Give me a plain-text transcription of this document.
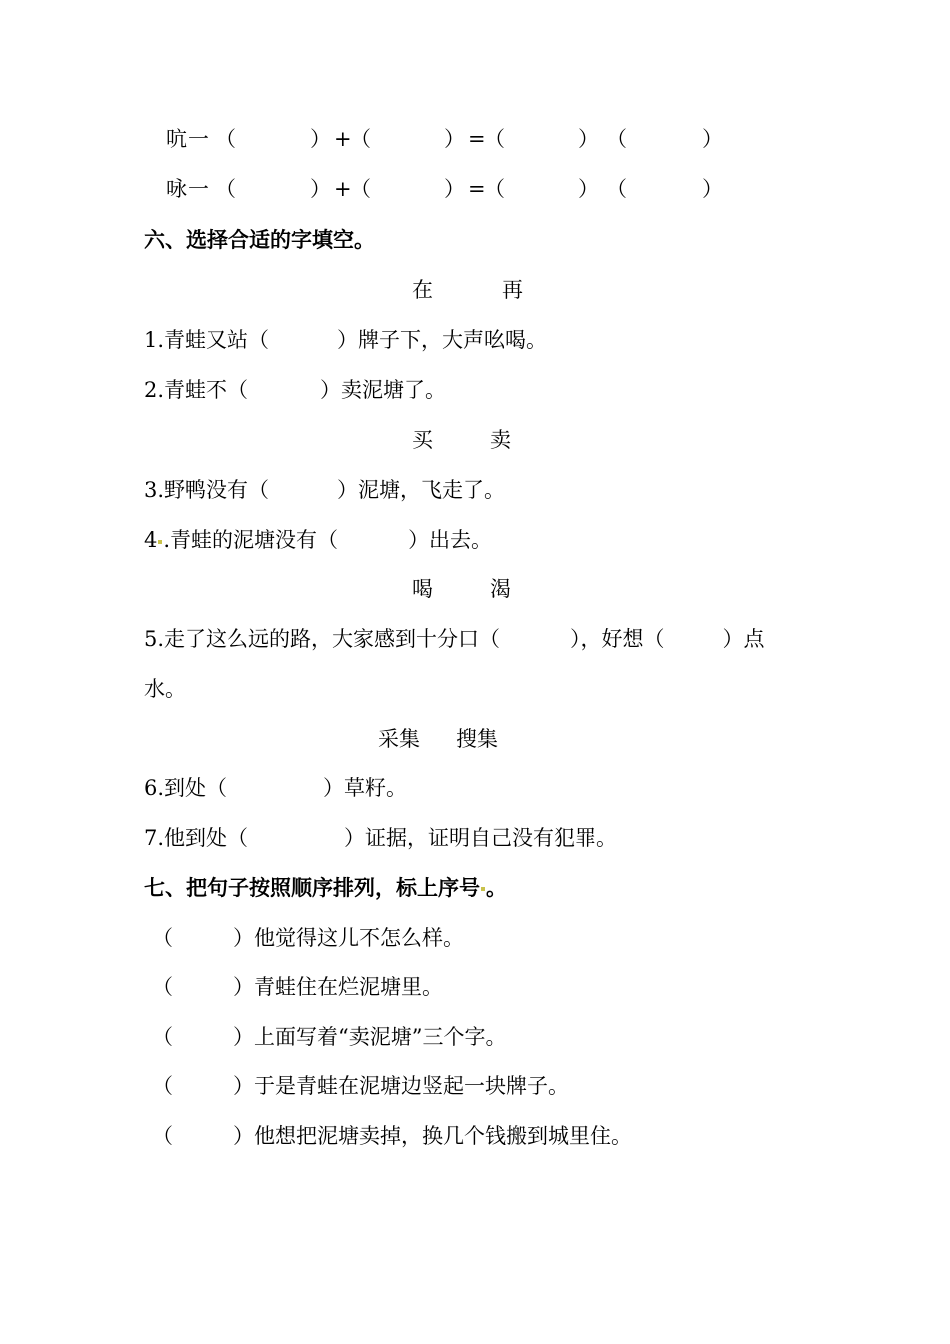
吭 一 （	） +
（	） =
（	） （	）
咏 一 （	） +
（	） =
（	） （	）
六、选择合适的字填空。
在	再
1.青蛙又站（	）牌子下，大声吆喝。
2.青蛙不（	）卖泥塘了。
买	卖
3.野鸭没有（	）泥塘，飞走了。
4 .青蛙的泥塘没有（	）出去。
喝	渴
5.走了这么远的路，大家感到十分口（	），好想（	）点
水。
采集 搜集
6.到处（	）草籽。
7.他到处（	）证据，证明自己没有犯罪。
七、把句子按照顺序排列，标上序号 。
（	）他觉得这儿不怎么样。
（	）青蛙住在烂泥塘里。
（	）上面写着“卖泥塘”三个字。
（	）于是青蛙在泥塘边竖起一块牌子。
（	）他想把泥塘卖掉，换几个钱搬到城里住。
